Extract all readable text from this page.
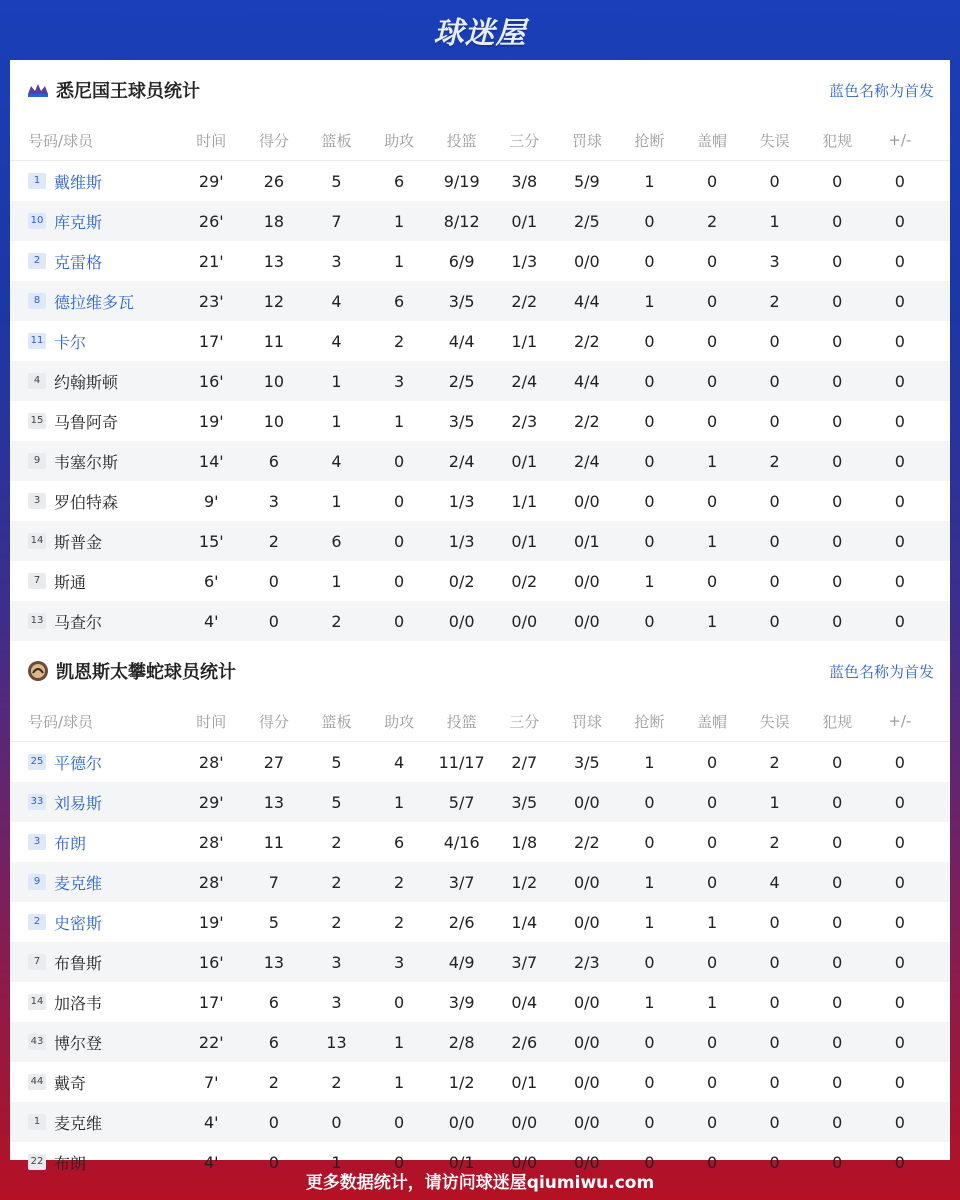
球迷屋
悉尼国王球员统计	蓝色名称为首发
号码/球员	时间	得分	篮板	助攻	投篮	三分	罚球	抢断	盖帽	失误	犯规	+/-
1 戴维斯	29'	26	5	6	9/19	3/8	5/9	1	0	0	0	0
10 库克斯	26'	18	7	1	8/12	0/1	2/5	0	2	1	0	0
2 克雷格	21'	13	3	1	6/9	1/3	0/0	0	0	3	0	0
8 德拉维多瓦	23'	12	4	6	3/5	2/2	4/4	1	0	2	0	0
11 卡尔	17'	11	4	2	4/4	1/1	2/2	0	0	0	0	0
4 约翰斯顿	16'	10	1	3	2/5	2/4	4/4	0	0	0	0	0
15 马鲁阿奇	19'	10	1	1	3/5	2/3	2/2	0	0	0	0	0
9 韦塞尔斯	14'	6	4	0	2/4	0/1	2/4	0	1	2	0	0
3 罗伯特森	9'	3	1	0	1/3	1/1	0/0	0	0	0	0	0
14 斯普金	15'	2	6	0	1/3	0/1	0/1	0	1	0	0	0
7 斯通	6'	0	1	0	0/2	0/2	0/0	1	0	0	0	0
13 马查尔	4'	0	2	0	0/0	0/0	0/0	0	1	0	0	0
凯恩斯太攀蛇球员统计	蓝色名称为首发
号码/球员	时间	得分	篮板	助攻	投篮	三分	罚球	抢断	盖帽	失误	犯规	+/-
25 平德尔	28'	27	5	4	11/17	2/7	3/5	1	0	2	0	0
33 刘易斯	29'	13	5	1	5/7	3/5	0/0	0	0	1	0	0
3 布朗	28'	11	2	6	4/16	1/8	2/2	0	0	2	0	0
9 麦克维	28'	7	2	2	3/7	1/2	0/0	1	0	4	0	0
2 史密斯	19'	5	2	2	2/6	1/4	0/0	1	1	0	0	0
7 布鲁斯	16'	13	3	3	4/9	3/7	2/3	0	0	0	0	0
14 加洛韦	17'	6	3	0	3/9	0/4	0/0	1	1	0	0	0
43 博尔登	22'	6	13	1	2/8	2/6	0/0	0	0	0	0	0
44 戴奇	7'	2	2	1	1/2	0/1	0/0	0	0	0	0	0
1 麦克维	4'	0	0	0	0/0	0/0	0/0	0	0	0	0	0
22 布朗	4'	0	1	0	0/1	0/0	0/0	0	0	0	0	0
更多数据统计，请访问球迷屋qiumiwu.com
